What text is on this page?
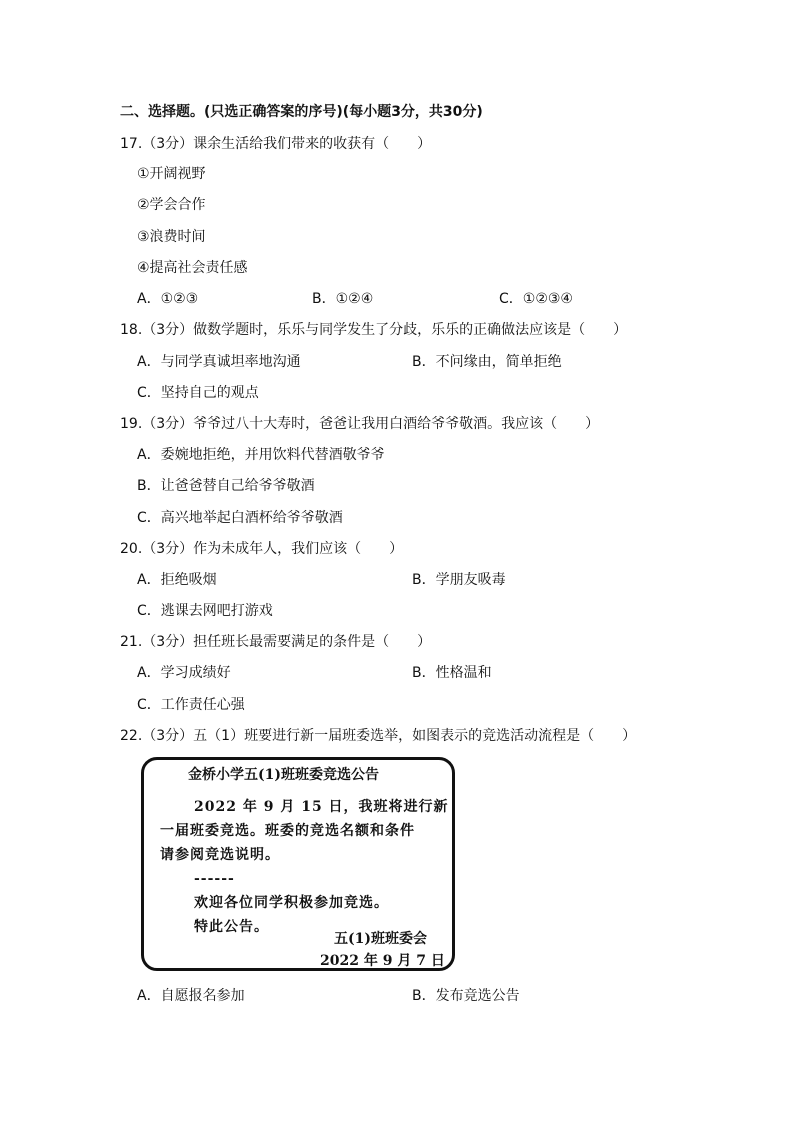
二、选择题。(只选正确答案的序号)(每小题3分，共30分)
17.（3分）课余生活给我们带来的收获有（　　）
①开阔视野
②学会合作
③浪费时间
④提高社会责任感
A．①②③	B．①②④	C．①②③④
18.（3分）做数学题时，乐乐与同学发生了分歧，乐乐的正确做法应该是（　　）
A．与同学真诚坦率地沟通	B．不问缘由，简单拒绝
C．坚持自己的观点
19.（3分）爷爷过八十大寿时，爸爸让我用白酒给爷爷敬酒。我应该（　　）
A．委婉地拒绝，并用饮料代替酒敬爷爷
B．让爸爸替自己给爷爷敬酒
C．高兴地举起白酒杯给爷爷敬酒
20.（3分）作为未成年人，我们应该（　　）
A．拒绝吸烟	B．学朋友吸毒
C．逃课去网吧打游戏
21.（3分）担任班长最需要满足的条件是（　　）
A．学习成绩好	B．性格温和
C．工作责任心强
22.（3分）五（1）班要进行新一届班委选举，如图表示的竞选活动流程是（　　）
金桥小学五(1)班班委竞选公告
2022 年 9 月 15 日，我班将进行新
一届班委竞选。班委的竞选名额和条件
请参阅竞选说明。
------
欢迎各位同学积极参加竞选。
特此公告。
五(1)班班委会
2022 年 9 月 7 日
A．自愿报名参加	B．发布竞选公告
